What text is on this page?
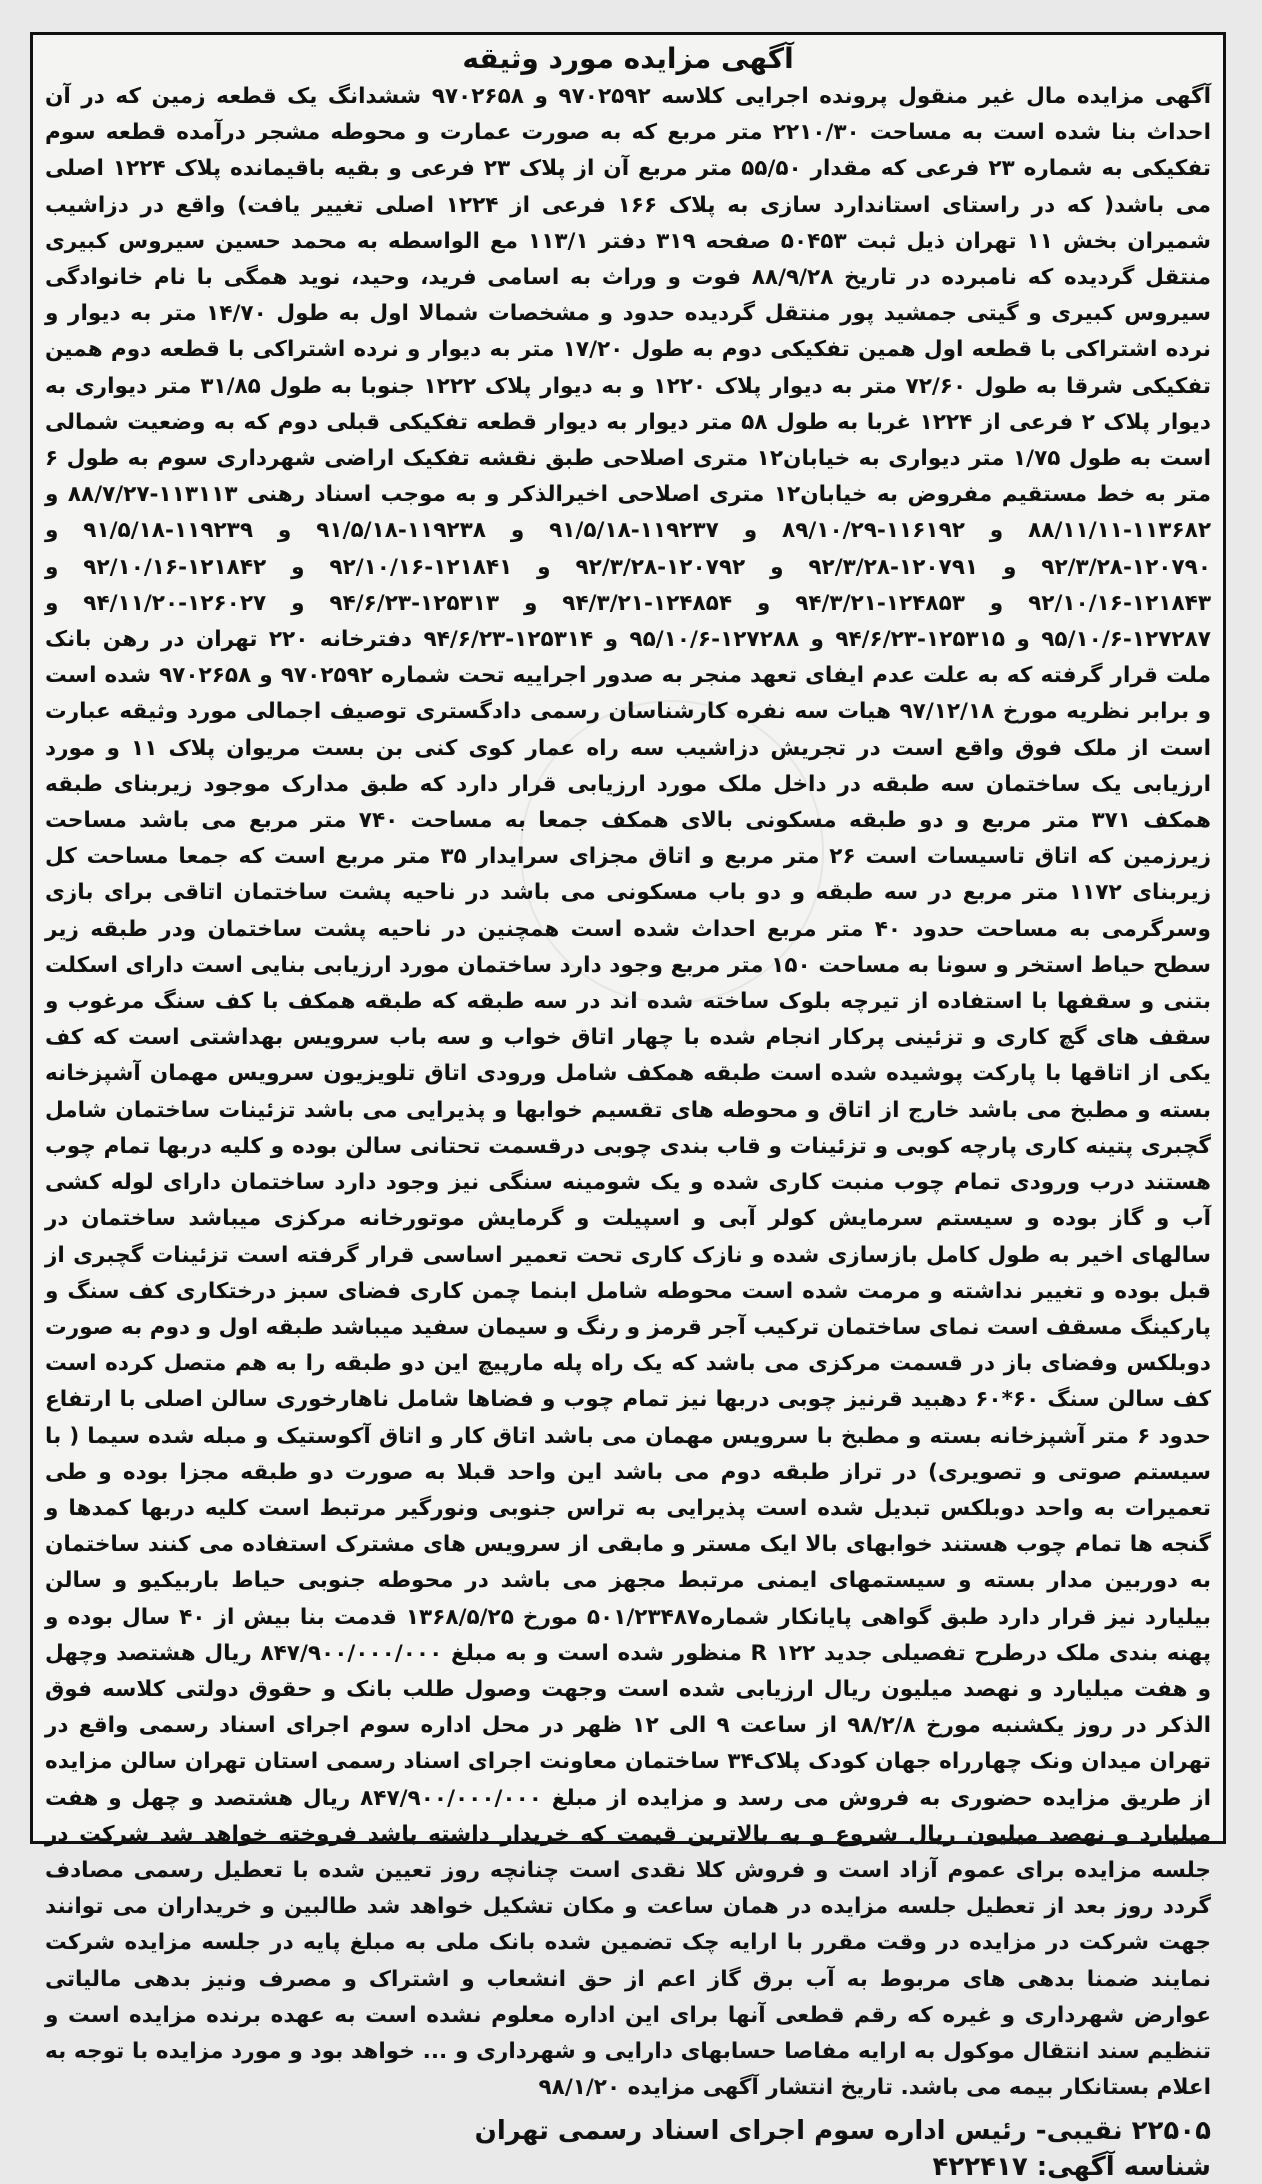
آگهی مزایده مورد وثیقه

آگهی مزایده مال غیر منقول پرونده اجرایی کلاسه ۹۷۰۲۵۹۲ و ۹۷۰۲۶۵۸ ششدانگ یک قطعه زمین که در آن احداث بنا شده است به مساحت ۲۲۱۰/۳۰ متر مربع که به صورت عمارت و محوطه مشجر درآمده قطعه سوم تفکیکی به شماره ۲۳ فرعی که مقدار ۵۵/۵۰ متر مربع آن از پلاک ۲۳ فرعی و بقیه باقیمانده پلاک ۱۲۲۴ اصلی می باشد( که در راستای استاندارد سازی به پلاک ۱۶۶ فرعی از ۱۲۲۴ اصلی تغییر یافت) واقع در دزاشیب شمیران بخش ۱۱ تهران ذیل ثبت ۵۰۴۵۳ صفحه ۳۱۹ دفتر ۱۱۳/۱ مع الواسطه به محمد حسین سیروس کبیری منتقل گردیده که نامبرده در تاریخ ۸۸/۹/۲۸ فوت و وراث به اسامی فرید، وحید، نوید همگی با نام خانوادگی سیروس کبیری و گیتی جمشید پور منتقل گردیده حدود و مشخصات شمالا اول به طول ۱۴/۷۰ متر به دیوار و نرده اشتراکی با قطعه اول همین تفکیکی دوم به طول ۱۷/۲۰ متر به دیوار و نرده اشتراکی با قطعه دوم همین تفکیکی شرقا به طول ۷۲/۶۰ متر به دیوار پلاک ۱۲۲۰ و به دیوار پلاک ۱۲۲۲ جنوبا به طول ۳۱/۸۵ متر دیواری به دیوار پلاک ۲ فرعی از ۱۲۲۴ غربا به طول ۵۸ متر دیوار به دیوار قطعه تفکیکی قبلی دوم که به وضعیت شمالی است به طول ۱/۷۵ متر دیواری به خیابان۱۲ متری اصلاحی طبق نقشه تفکیک اراضی شهرداری سوم به طول ۶ متر به خط مستقیم مفروض به خیابان۱۲ متری اصلاحی اخیرالذکر و به موجب اسناد رهنی ۱۱۳۱۱۳-۸۸/۷/۲۷ و ۱۱۳۶۸۲-۸۸/۱۱/۱۱ و ۱۱۶۱۹۲-۸۹/۱۰/۲۹ و ۱۱۹۲۳۷-۹۱/۵/۱۸ و ۱۱۹۲۳۸-۹۱/۵/۱۸ و ۱۱۹۲۳۹-۹۱/۵/۱۸ و ۱۲۰۷۹۰-۹۲/۳/۲۸ و ۱۲۰۷۹۱-۹۲/۳/۲۸ و ۱۲۰۷۹۲-۹۲/۳/۲۸ و ۱۲۱۸۴۱-۹۲/۱۰/۱۶ و ۱۲۱۸۴۲-۹۲/۱۰/۱۶ و ۱۲۱۸۴۳-۹۲/۱۰/۱۶ و ۱۲۴۸۵۳-۹۴/۳/۲۱ و ۱۲۴۸۵۴-۹۴/۳/۲۱ و ۱۲۵۳۱۳-۹۴/۶/۲۳ و ۱۲۶۰۲۷-۹۴/۱۱/۲۰ و ۱۲۷۲۸۷-۹۵/۱۰/۶ و ۱۲۵۳۱۵-۹۴/۶/۲۳ و ۱۲۷۲۸۸-۹۵/۱۰/۶ و ۱۲۵۳۱۴-۹۴/۶/۲۳ دفترخانه ۲۲۰ تهران در رهن بانک ملت قرار گرفته که به علت عدم ایفای تعهد منجر به صدور اجراییه تحت شماره ۹۷۰۲۵۹۲ و ۹۷۰۲۶۵۸ شده است و برابر نظریه مورخ ۹۷/۱۲/۱۸ هیات سه نفره کارشناسان رسمی دادگستری توصیف اجمالی مورد وثیقه عبارت است از ملک فوق واقع است در تجریش دزاشیب سه راه عمار کوی کنی بن بست مریوان پلاک ۱۱ و مورد ارزیابی یک ساختمان سه طبقه در داخل ملک مورد ارزیابی قرار دارد که طبق مدارک موجود زیربنای طبقه همکف ۳۷۱ متر مربع و دو طبقه مسکونی بالای همکف جمعا به مساحت ۷۴۰ متر مربع می باشد مساحت زیرزمین که اتاق تاسیسات است ۲۶ متر مربع و اتاق مجزای سرایدار ۳۵ متر مربع است که جمعا مساحت کل زیربنای ۱۱۷۲ متر مربع در سه طبقه و دو باب مسکونی می باشد در ناحیه پشت ساختمان اتاقی برای بازی وسرگرمی به مساحت حدود ۴۰ متر مربع احداث شده است همچنین در ناحیه پشت ساختمان ودر طبقه زیر سطح حیاط استخر و سونا به مساحت ۱۵۰ متر مربع وجود دارد ساختمان مورد ارزیابی بنایی است دارای اسکلت بتنی و سقفها با استفاده از تیرچه بلوک ساخته شده اند در سه طبقه که طبقه همکف با کف سنگ مرغوب و سقف های گچ کاری و تزئینی پرکار انجام شده با چهار اتاق خواب و سه باب سرویس بهداشتی است که کف یکی از اتاقها با پارکت پوشیده شده است طبقه همکف شامل ورودی اتاق تلویزیون سرویس مهمان آشپزخانه بسته و مطبخ می باشد خارج از اتاق و محوطه های تقسیم خوابها و پذیرایی می باشد تزئینات ساختمان شامل گچبری پتینه کاری پارچه کوبی و تزئینات و قاب بندی چوبی درقسمت تحتانی سالن بوده و کلیه دربها تمام چوب هستند درب ورودی تمام چوب منبت کاری شده و یک شومینه سنگی نیز وجود دارد ساختمان دارای لوله کشی آب و گاز بوده و سیستم سرمایش کولر آبی و اسپیلت و گرمایش موتورخانه مرکزی میباشد ساختمان در سالهای اخیر به طول کامل بازسازی شده و نازک کاری تحت تعمیر اساسی قرار گرفته است تزئینات گچبری از قبل بوده و تغییر نداشته و مرمت شده است محوطه شامل ابنما چمن کاری فضای سبز درختکاری کف سنگ و پارکینگ مسقف است نمای ساختمان ترکیب آجر قرمز و رنگ و سیمان سفید میباشد طبقه اول و دوم به صورت دوبلکس وفضای باز در قسمت مرکزی می باشد که یک راه پله مارپیچ این دو طبقه را به هم متصل کرده است کف سالن سنگ ۶۰*۶۰ دهبید قرنیز چوبی دربها نیز تمام چوب و فضاها شامل ناهارخوری سالن اصلی با ارتفاع حدود ۶ متر آشپزخانه بسته و مطبخ با سرویس مهمان می باشد اتاق کار و اتاق آکوستیک و مبله شده سیما ( با سیستم صوتی و تصویری) در تراز طبقه دوم می باشد این واحد قبلا به صورت دو طبقه مجزا بوده و طی تعمیرات به واحد دوبلکس تبدیل شده است پذیرایی به تراس جنوبی ونورگیر مرتبط است کلیه دربها کمدها و گنجه ها تمام چوب هستند خوابهای بالا ایک مستر و مابقی از سرویس های مشترک استفاده می کنند ساختمان به دوربین مدار بسته و سیستمهای ایمنی مرتبط مجهز می باشد در محوطه جنوبی حیاط باربیکیو و سالن بیلیارد نیز قرار دارد طبق گواهی پایانکار شماره۵۰۱/۲۳۴۸۷ مورخ ۱۳۶۸/۵/۲۵ قدمت بنا بیش از ۴۰ سال بوده و پهنه بندی ملک درطرح تفصیلی جدید R ۱۲۲ منظور شده است و به مبلغ ۸۴۷/۹۰۰/۰۰۰/۰۰۰ ریال هشتصد وچهل و هفت میلیارد و نهصد میلیون ریال ارزیابی شده است وجهت وصول طلب بانک و حقوق دولتی کلاسه فوق الذکر در روز یکشنبه مورخ ۹۸/۲/۸ از ساعت ۹ الی ۱۲ ظهر در محل اداره سوم اجرای اسناد رسمی واقع در تهران میدان ونک چهارراه جهان کودک پلاک۳۴ ساختمان معاونت اجرای اسناد رسمی استان تهران سالن مزایده از طریق مزایده حضوری به فروش می رسد و مزایده از مبلغ ۸۴۷/۹۰۰/۰۰۰/۰۰۰ ریال هشتصد و چهل و هفت میلیارد و نهصد میلیون ریال شروع و به بالاترین قیمت که خریدار داشته باشد فروخته خواهد شد شرکت در جلسه مزایده برای عموم آزاد است و فروش کلا نقدی است چنانچه روز تعیین شده با تعطیل رسمی مصادف گردد روز بعد از تعطیل جلسه مزایده در همان ساعت و مکان تشکیل خواهد شد طالبین و خریداران می توانند جهت شرکت در مزایده در وقت مقرر با ارایه چک تضمین شده بانک ملی به مبلغ پایه در جلسه مزایده شرکت نمایند ضمنا بدهی های مربوط به آب برق گاز اعم از حق انشعاب و اشتراک و مصرف ونیز بدهی مالیاتی عوارض شهرداری و غیره که رقم قطعی آنها برای این اداره معلوم نشده است به عهده برنده مزایده است و تنظیم سند انتقال موکول به ارایه مفاصا حسابهای دارایی و شهرداری و ... خواهد بود و مورد مزایده با توجه به اعلام بستانکار بیمه می باشد. تاریخ انتشار آگهی مزایده ۹۸/۱/۲۰

۲۲۵۰۵ نقیبی- رئیس اداره سوم اجرای اسناد رسمی تهران
شناسه آگهی: ۴۲۲۴۱۷
